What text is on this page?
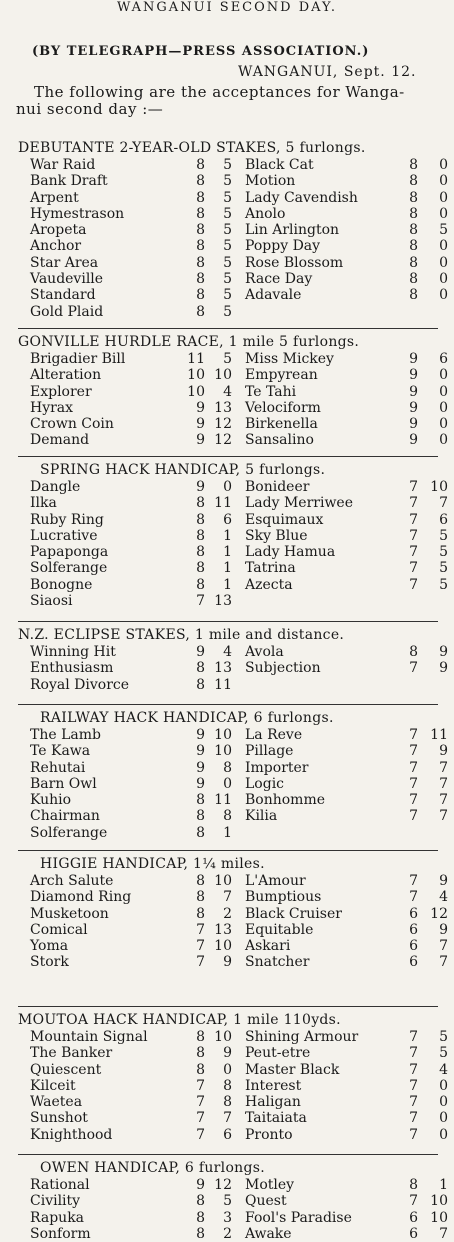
WANGANUI SECOND DAY.
(BY TELEGRAPH—PRESS ASSOCIATION.)
WANGANUI, Sept. 12.
The following are the acceptances for Wanga-
nui second day :—
DEBUTANTE 2-YEAR-OLD STAKES, 5 furlongs.
War Raid	8 5 Black Cat	8 0
Bank Draft	8 5 Motion	8 0
Arpent	8 5 Lady Cavendish	8 0
Hymestrason	8 5 Anolo	8 0
Aropeta	8 5 Lin Arlington	8 5
Anchor	8 5 Poppy Day	8 0
Star Area	8 5 Rose Blossom	8 0
Vaudeville	8 5 Race Day	8 0
Standard	8 5 Adavale	8 0
Gold Plaid	8 5
GONVILLE HURDLE RACE, 1 mile 5 furlongs.
Brigadier Bill	11 5 Miss Mickey	9 6
Alteration	10 10 Empyrean	9 0
Explorer	10 4 Te Tahi	9 0
Hyrax	9 13 Velociform	9 0
Crown Coin	9 12 Birkenella	9 0
Demand	9 12 Sansalino	9 0
SPRING HACK HANDICAP, 5 furlongs.
Dangle	9 0 Bonideer	7 10
Ilka	8 11 Lady Merriwee	7 7
Ruby Ring	8 6 Esquimaux	7 6
Lucrative	8 1 Sky Blue	7 5
Papaponga	8 1 Lady Hamua	7 5
Solferange	8 1 Tatrina	7 5
Bonogne	8 1 Azecta	7 5
Siaosi	7 13
N.Z. ECLIPSE STAKES, 1 mile and distance.
Winning Hit	9 4 Avola	8 9
Enthusiasm	8 13 Subjection	7 9
Royal Divorce	8 11
RAILWAY HACK HANDICAP, 6 furlongs.
The Lamb	9 10 La Reve	7 11
Te Kawa	9 10 Pillage	7 9
Rehutai	9 8 Importer	7 7
Barn Owl	9 0 Logic	7 7
Kuhio	8 11 Bonhomme	7 7
Chairman	8 8 Kilia	7 7
Solferange	8 1
HIGGIE HANDICAP, 1¼ miles.
Arch Salute	8 10 L'Amour	7 9
Diamond Ring	8 7 Bumptious	7 4
Musketoon	8 2 Black Cruiser	6 12
Comical	7 13 Equitable	6 9
Yoma	7 10 Askari	6 7
Stork	7 9 Snatcher	6 7
MOUTOA HACK HANDICAP, 1 mile 110yds.
Mountain Signal	8 10 Shining Armour	7 5
The Banker	8 9 Peut-etre	7 5
Quiescent	8 0 Master Black	7 4
Kilceit	7 8 Interest	7 0
Waetea	7 8 Haligan	7 0
Sunshot	7 7 Taitaiata	7 0
Knighthood	7 6 Pronto	7 0
OWEN HANDICAP, 6 furlongs.
Rational	9 12 Motley	8 1
Civility	8 5 Quest	7 10
Rapuka	8 3 Fool's Paradise	6 10
Sonform	8 2 Awake	6 7
